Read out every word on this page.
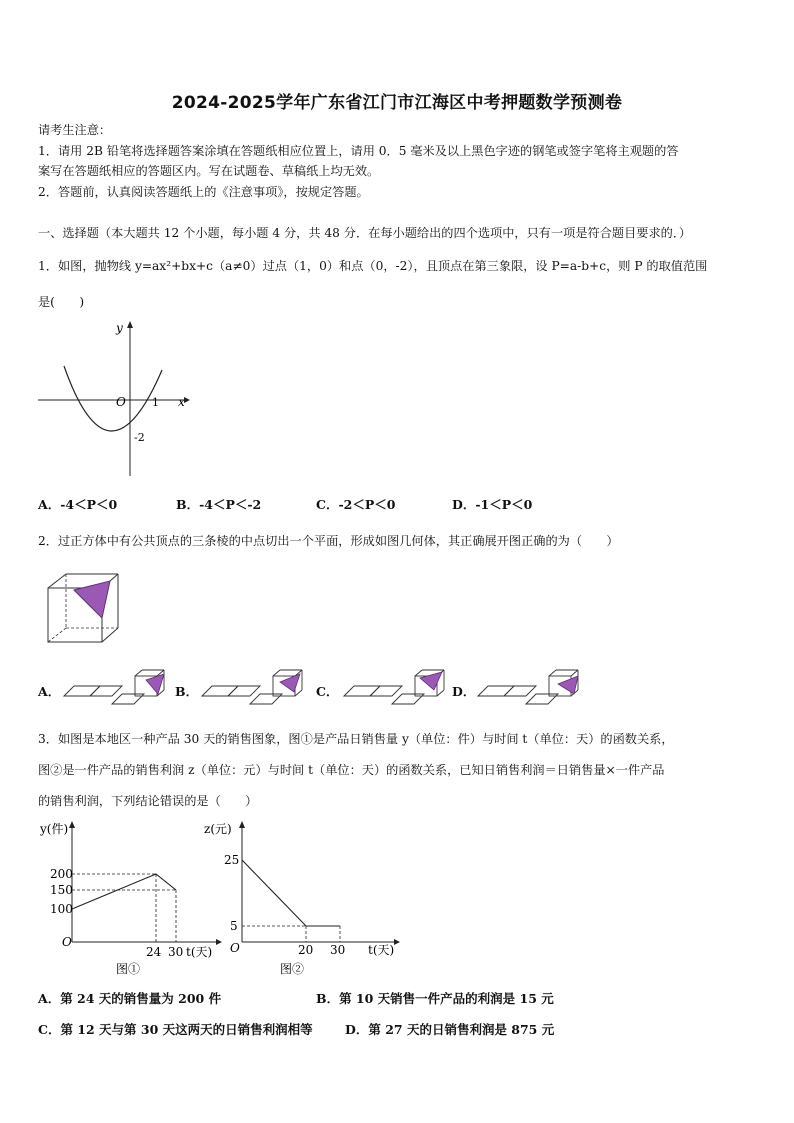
2024-2025学年广东省江门市江海区中考押题数学预测卷
请考生注意：
1．请用 2B 铅笔将选择题答案涂填在答题纸相应位置上，请用 0．5 毫米及以上黑色字迹的钢笔或签字笔将主观题的答
案写在答题纸相应的答题区内。写在试题卷、草稿纸上均无效。
2．答题前，认真阅读答题纸上的《注意事项》，按规定答题。
一、选择题（本大题共 12 个小题，每小题 4 分，共 48 分．在每小题给出的四个选项中，只有一项是符合题目要求的．）
1．如图，抛物线 y=ax²+bx+c（a≠0）过点（1，0）和点（0，-2），且顶点在第三象限，设 P=a-b+c，则 P 的取值范围
是(　　)
y
x
O 1
-2
A．-4＜P＜0	B．-4＜P＜-2	C．-2＜P＜0	D．-1＜P＜0
2．过正方体中有公共顶点的三条棱的中点切出一个平面，形成如图几何体，其正确展开图正确的为（　　）
A．	B．	C．	D．
3．如图是本地区一种产品 30 天的销售图象，图①是产品日销售量 y（单位：件）与时间 t（单位：天）的函数关系，
图②是一件产品的销售利润 z（单位：元）与时间 t（单位：天）的函数关系，已知日销售利润＝日销售量×一件产品
的销售利润，下列结论错误的是（　　）
y(件)
200
150
100
O
24 30 t(天)
图①
z(元)
25
5
O	20 30 t(天)
图②
A．第 24 天的销售量为 200 件	B．第 10 天销售一件产品的利润是 15 元
C．第 12 天与第 30 天这两天的日销售利润相等	D．第 27 天的日销售利润是 875 元
